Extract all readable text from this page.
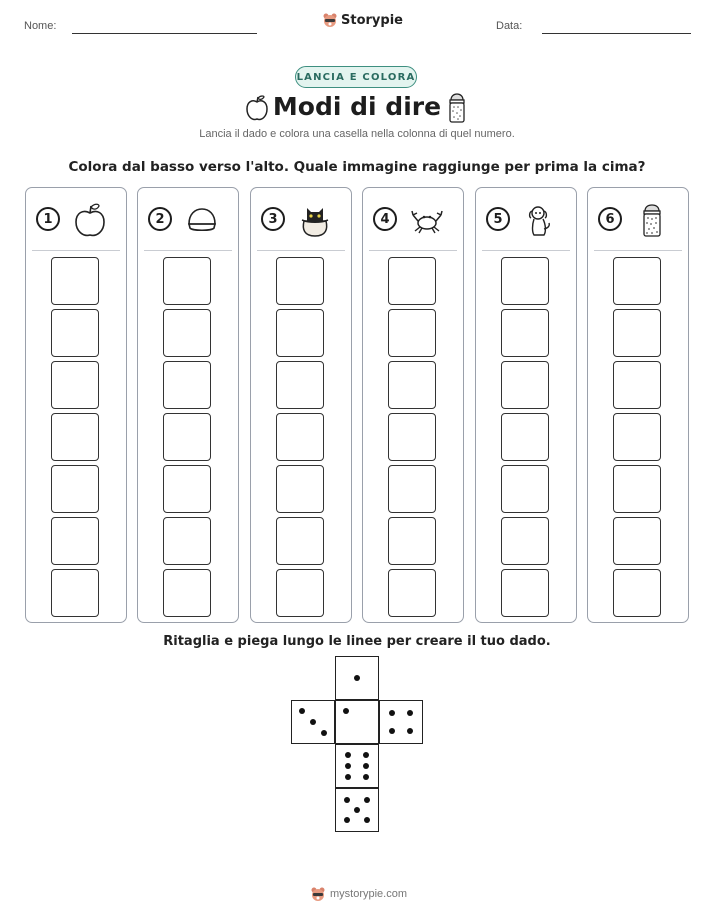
Nome:	Storypie	Data:
LANCIA E COLORA
Modi di dire
Lancia il dado e colora una casella nella colonna di quel numero.
Colora dal basso verso l'alto. Quale immagine raggiunge per prima la cima?
1	2	3	4	5	6
Ritaglia e piega lungo le linee per creare il tuo dado.
mystorypie.com
